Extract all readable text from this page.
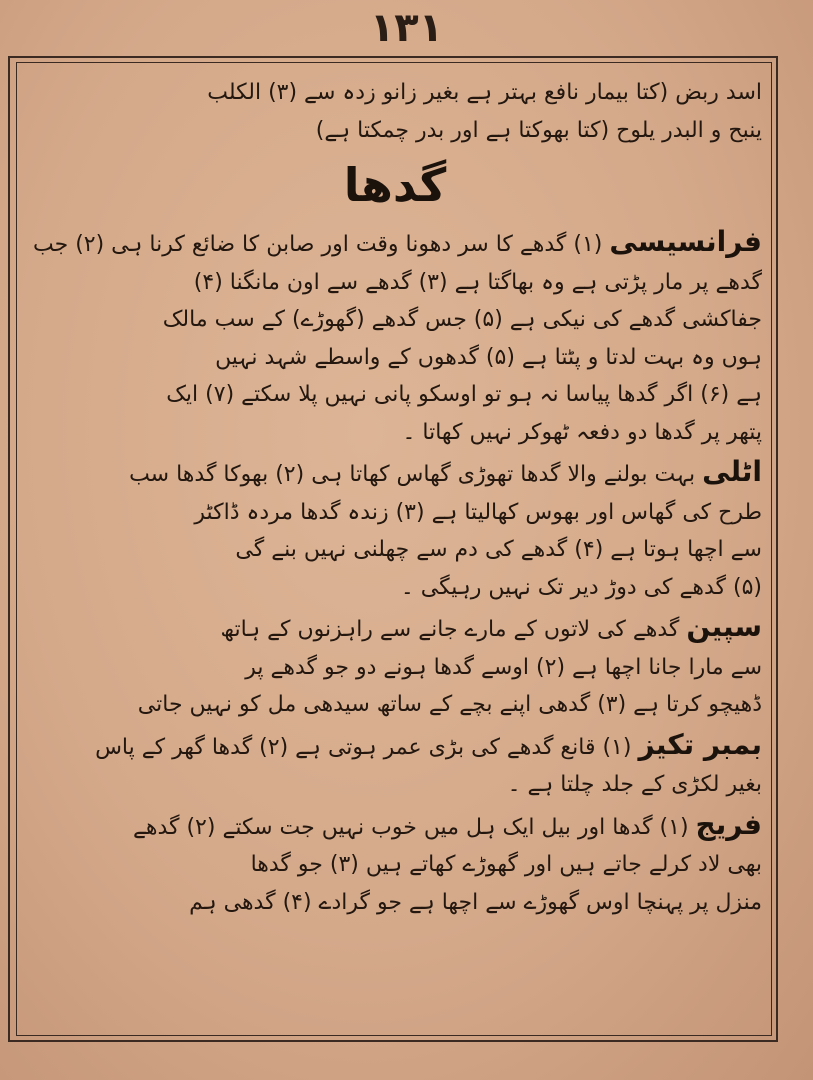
١٣١
اسد ربض (کتا بیمار نافع بہتر ہے بغیر زانو زدہ سے (۳) الکلب
ینبح و البدر یلوح (کتا بھوکتا ہے اور بدر چمکتا ہے)
گدھا
فرانسیسی (۱) گدھے کا سر دھونا وقت اور صابن کا ضائع کرنا ہی (۲) جب
گدھے پر مار پڑتی ہے وہ بھاگتا ہے (۳) گدھے سے اون مانگنا (۴)
جفاکشی گدھے کی نیکی ہے (۵) جس گدھے (گھوڑے) کے سب مالک
ہوں وہ بہت لدتا و پٹتا ہے (۵) گدھوں کے واسطے شہد نہیں
ہے (۶) اگر گدھا پیاسا نہ ہو تو اوسکو پانی نہیں پلا سکتے (۷) ایک
پتھر پر گدھا دو دفعہ ٹھوکر نہیں کھاتا ۔
اٹلی بہت بولنے والا گدھا تھوڑی گھاس کھاتا ہی (۲) بھوکا گدھا سب
طرح کی گھاس اور بھوس کھالیتا ہے (۳) زندہ گدھا مردہ ڈاکٹر
سے اچھا ہوتا ہے (۴) گدھے کی دم سے چھلنی نہیں بنے گی
(۵) گدھے کی دوڑ دیر تک نہیں رہیگی ۔
سپین گدھے کی لاتوں کے مارے جانے سے راہزنوں کے ہاتھ
سے مارا جانا اچھا ہے (۲) اوسے گدھا ہونے دو جو گدھے پر
ڈھیچو کرتا ہے (۳) گدھی اپنے بچے کے ساتھ سیدھی مل کو نہیں جاتی
بمبر تکیز (۱) قانع گدھے کی بڑی عمر ہوتی ہے (۲) گدھا گھر کے پاس
بغیر لکڑی کے جلد چلتا ہے ۔
فریج (۱) گدھا اور بیل ایک ہل میں خوب نہیں جت سکتے (۲) گدھے
بھی لاد کرلے جاتے ہیں اور گھوڑے کھاتے ہیں (۳) جو گدھا
منزل پر پہنچا اوس گھوڑے سے اچھا ہے جو گرادے (۴) گدھی ہم
